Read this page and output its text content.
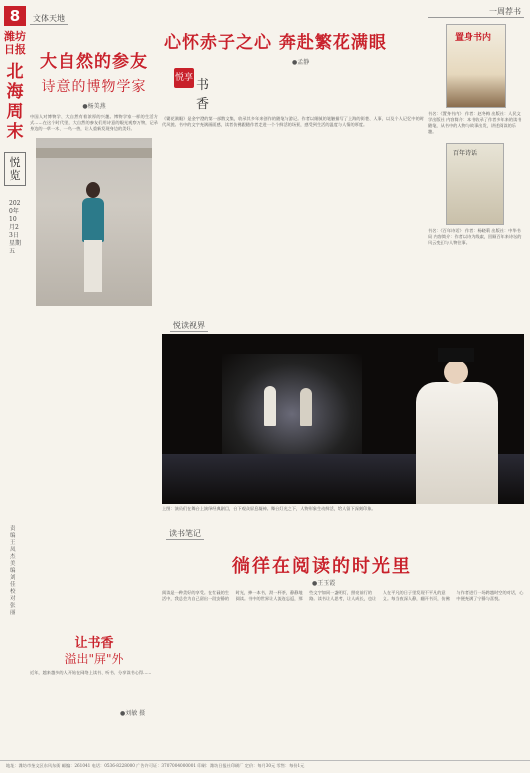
8
潍坊日报
北海周末
悦览
2020年10月23日 星期五
责编 王凤杰 美编 刘佳 校对 张丽
文体天地
大自然的参友
诗意的博物学家
●杨美燕
中国人对博物学、大自然有着浓厚的兴趣。博物学家一样的生活方式……在这个时代里，大自然的参友们用诗意的眼光观察万物，记录身边的一草一木、一鸟一兽，让人重新发现身边的美好。
让书香
溢出"屏"外
近年，越来越多的人开始在网络上读书、听书、分享读书心得……
●刘敏 摄
心怀赤子之心 奔赴繁花满眼
●孟静
悦享 书香
《繁花满眼》是金宇澄的第一部散文集，收录其多年来创作的随笔与游记。作者以细腻的笔触描写了上海的街巷、人事，以及个人记忆中的时代风貌。书中的文字充满画面感，读者仿佛跟随作者走进一个个鲜活的场景，感受到生活的温度与人情的厚度。
一周荐书
置身书内
书名：《置身书内》 作者：赵冬梅 出版社：人民文学出版社 内容简介：本书收录了作者多年来的读书随笔，从书中的人物与故事出发，讲述阅读的乐趣。
百年诗话
书名：《百年诗话》 作者：杨晓莉 出版社：中华书局 内容简介：作者以诗为线索，回顾百年来诗坛的风云变幻与人物往事。
悦读视界
上图：演员们在舞台上演绎经典剧目，台下观众屏息凝神。舞台灯光之下，人物形象生动鲜活，给人留下深刻印象。
读书笔记
徜徉在阅读的时光里
●王玉霞
阅读是一种美好的享受。在忙碌的生活中，我总会为自己留出一段安静的时光，捧一本书，沏一杯茶，静静地阅读。书中的世界让人流连忘返，那些文字如同一盏明灯，照亮前行的路。读书让人思考，让人成长，也让人在平凡的日子里发现不平凡的意义。每当夜深人静，翻开书页，仿佛与作者进行一场跨越时空的对话，心中便充满了宁静与喜悦。
地址：潍坊市奎文区东风东街 邮编：261041 电话：0536-8228000 广告许可证：3707004000001 印刷：潍坊日报社印刷厂 定价：每月30元 零售：每份1元
